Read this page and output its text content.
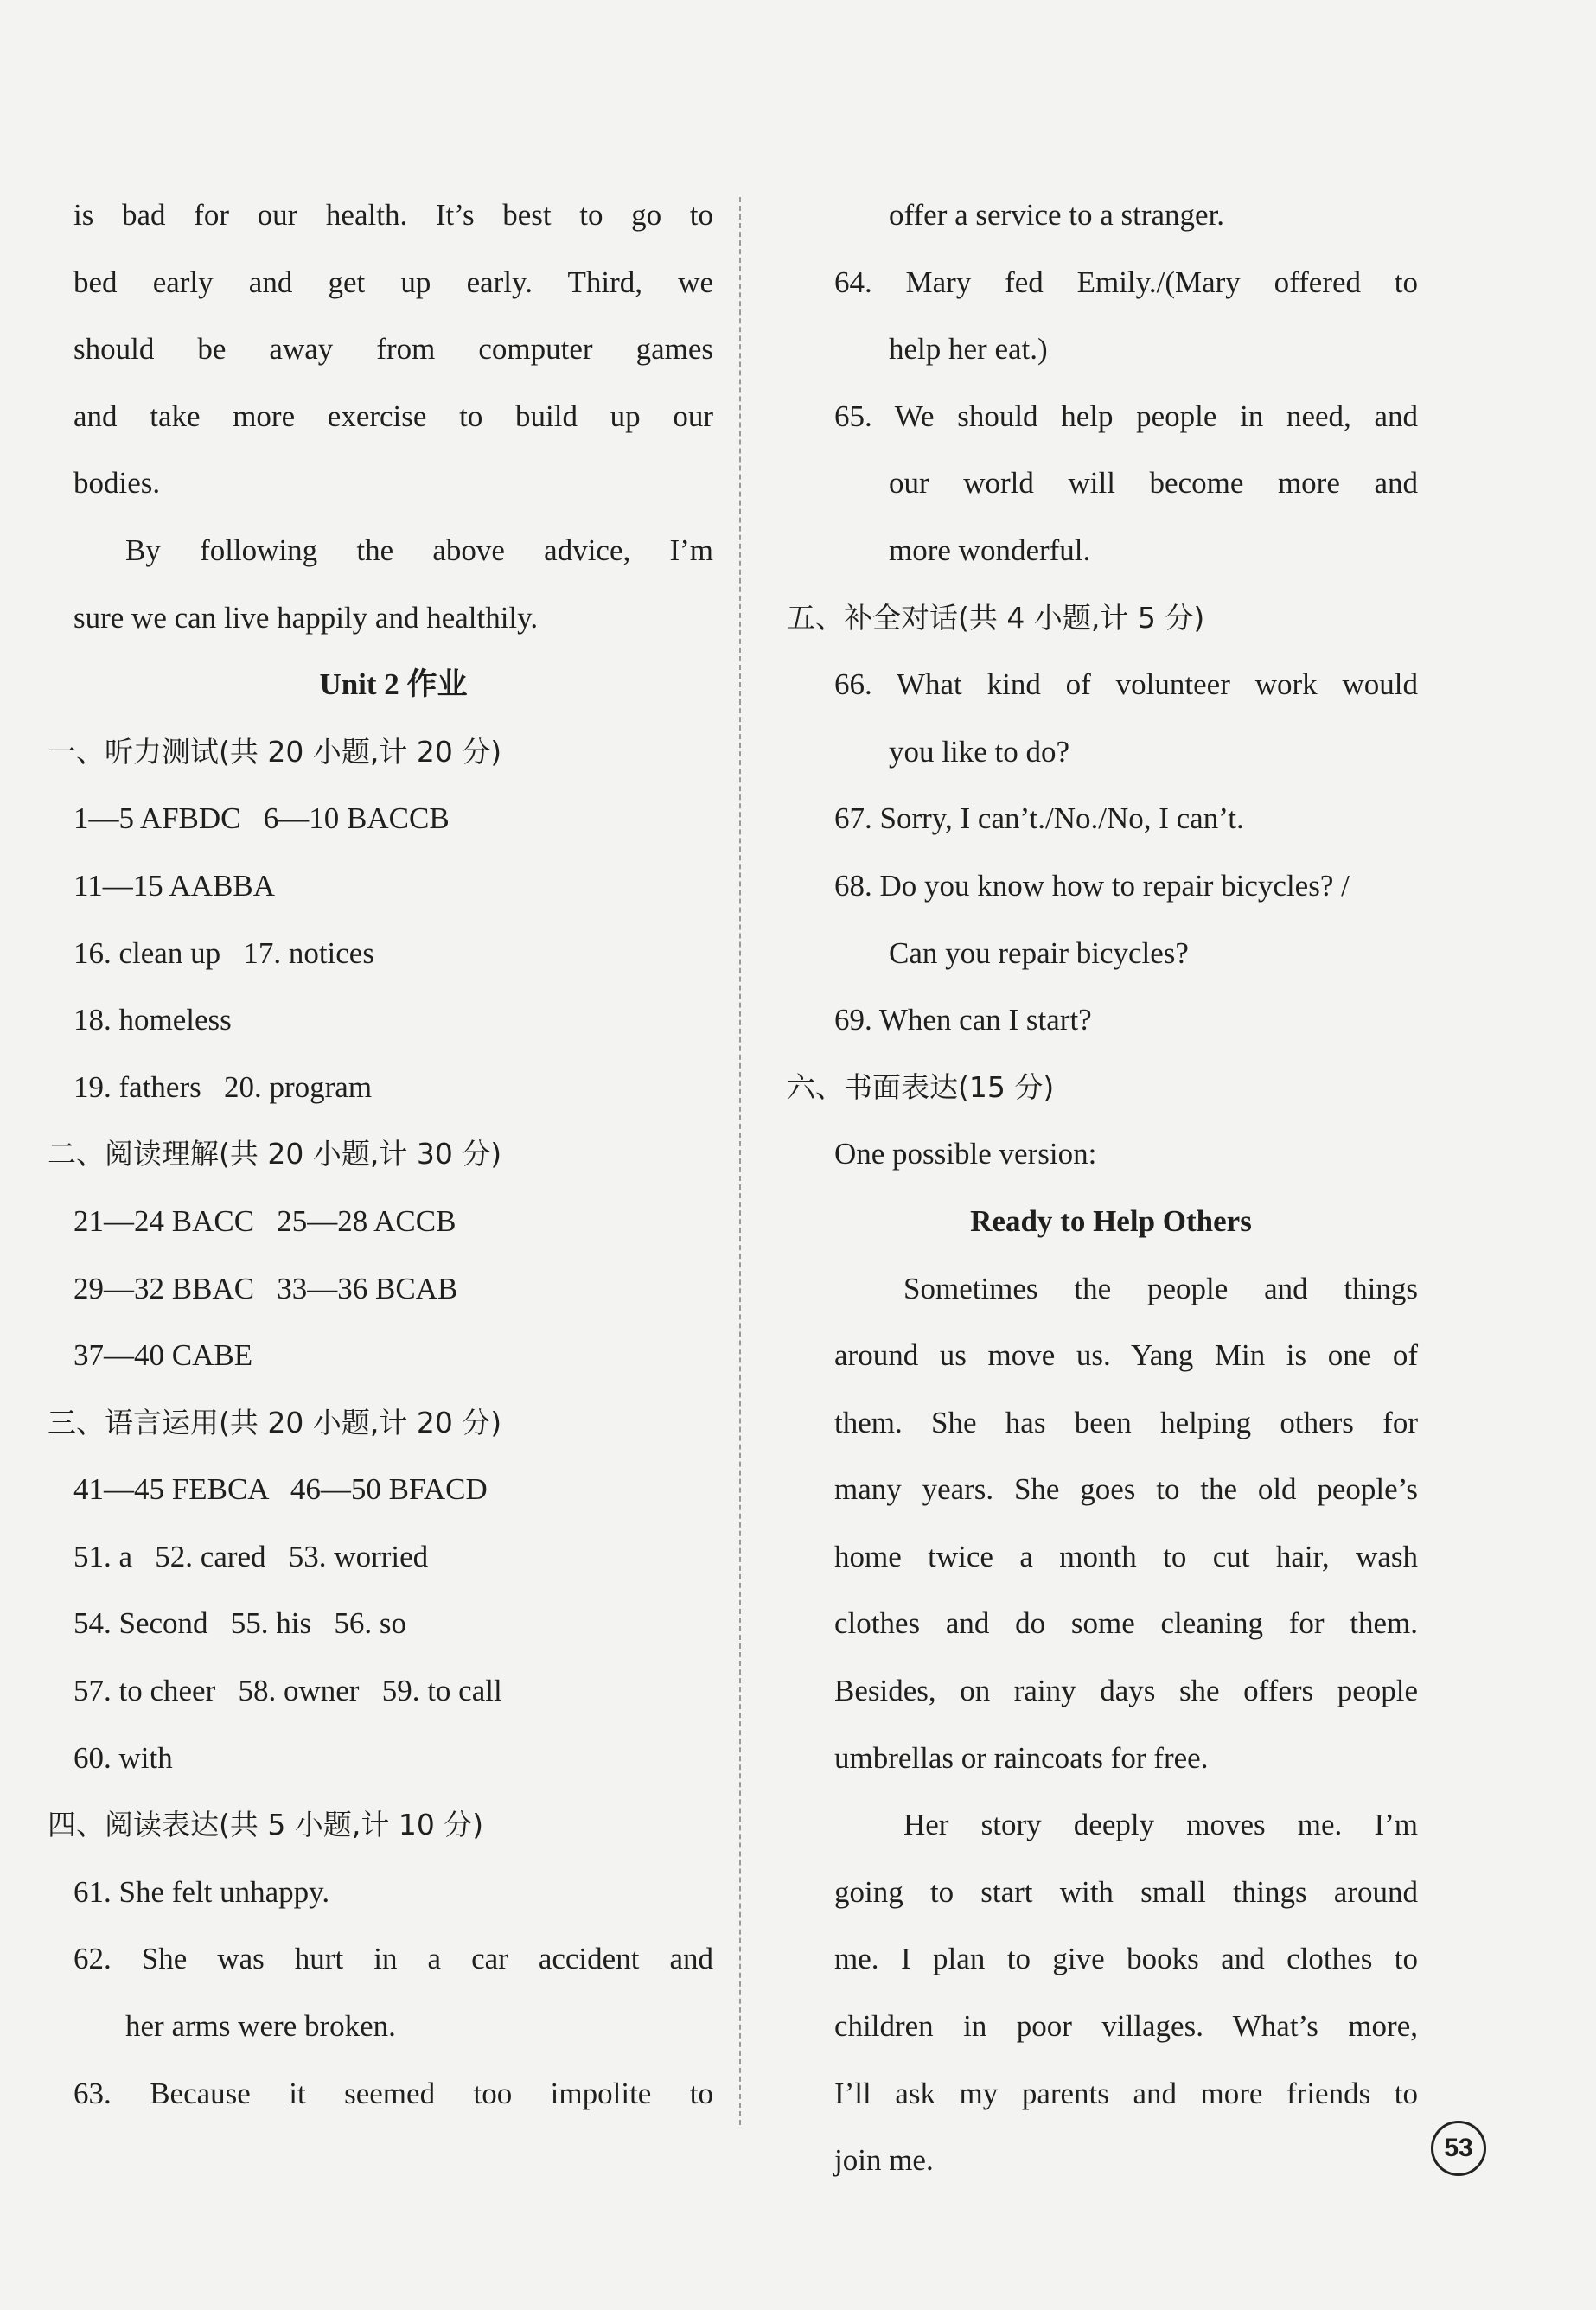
is bad for our health. It’s best to go to
bed early and get up early. Third, we
should be away from computer games
and take more exercise to build up our
bodies.
By following the above advice, I’m
sure we can live happily and healthily.
Unit 2 作业
一、听力测试(共 20 小题,计 20 分)
1—5 AFBDC   6—10 BACCB
11—15 AABBA
16. clean up   17. notices
18. homeless
19. fathers   20. program
二、阅读理解(共 20 小题,计 30 分)
21—24 BACC   25—28 ACCB
29—32 BBAC   33—36 BCAB
37—40 CABE
三、语言运用(共 20 小题,计 20 分)
41—45 FEBCA   46—50 BFACD
51. a   52. cared   53. worried
54. Second   55. his   56. so
57. to cheer   58. owner   59. to call
60. with
四、阅读表达(共 5 小题,计 10 分)
61. She felt unhappy.
62. She was hurt in a car accident and
her arms were broken.
63. Because it seemed too impolite to
offer a service to a stranger.
64. Mary fed Emily./(Mary offered to
help her eat.)
65. We should help people in need, and
our world will become more and
more wonderful.
五、补全对话(共 4 小题,计 5 分)
66. What kind of volunteer work would
you like to do?
67. Sorry, I can’t./No./No, I can’t.
68. Do you know how to repair bicycles? /
Can you repair bicycles?
69. When can I start?
六、书面表达(15 分)
One possible version:
Ready to Help Others
Sometimes the people and things
around us move us. Yang Min is one of
them. She has been helping others for
many years. She goes to the old people’s
home twice a month to cut hair, wash
clothes and do some cleaning for them.
Besides, on rainy days she offers people
umbrellas or raincoats for free.
Her story deeply moves me. I’m
going to start with small things around
me. I plan to give books and clothes to
children in poor villages. What’s more,
I’ll ask my parents and more friends to
join me.	53
